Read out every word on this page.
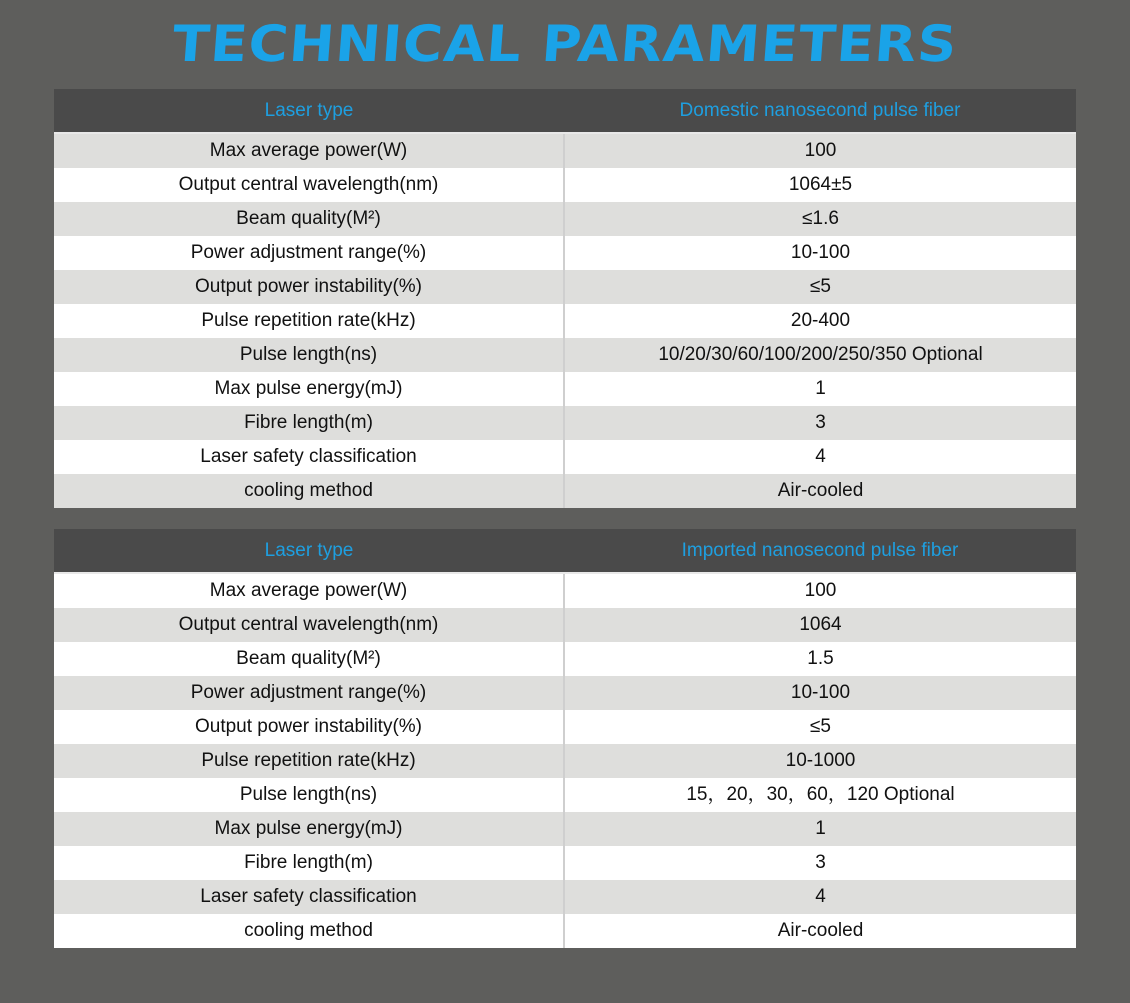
TECHNICAL PARAMETERS
Laser type	Domestic nanosecond pulse fiber
Max average power(W)	100
Output central wavelength(nm)	1064±5
Beam quality(M²)	≤1.6
Power adjustment range(%)	10-100
Output power instability(%)	≤5
Pulse repetition rate(kHz)	20-400
Pulse length(ns)	10/20/30/60/100/200/250/350 Optional
Max pulse energy(mJ)	1
Fibre length(m)	3
Laser safety classification	4
cooling method	Air-cooled
Laser type	Imported nanosecond pulse fiber
Max average power(W)	100
Output central wavelength(nm)	1064
Beam quality(M²)	1.5
Power adjustment range(%)	10-100
Output power instability(%)	≤5
Pulse repetition rate(kHz)	10-1000
Pulse length(ns)	15，20，30，60，120 Optional
Max pulse energy(mJ)	1
Fibre length(m)	3
Laser safety classification	4
cooling method	Air-cooled
